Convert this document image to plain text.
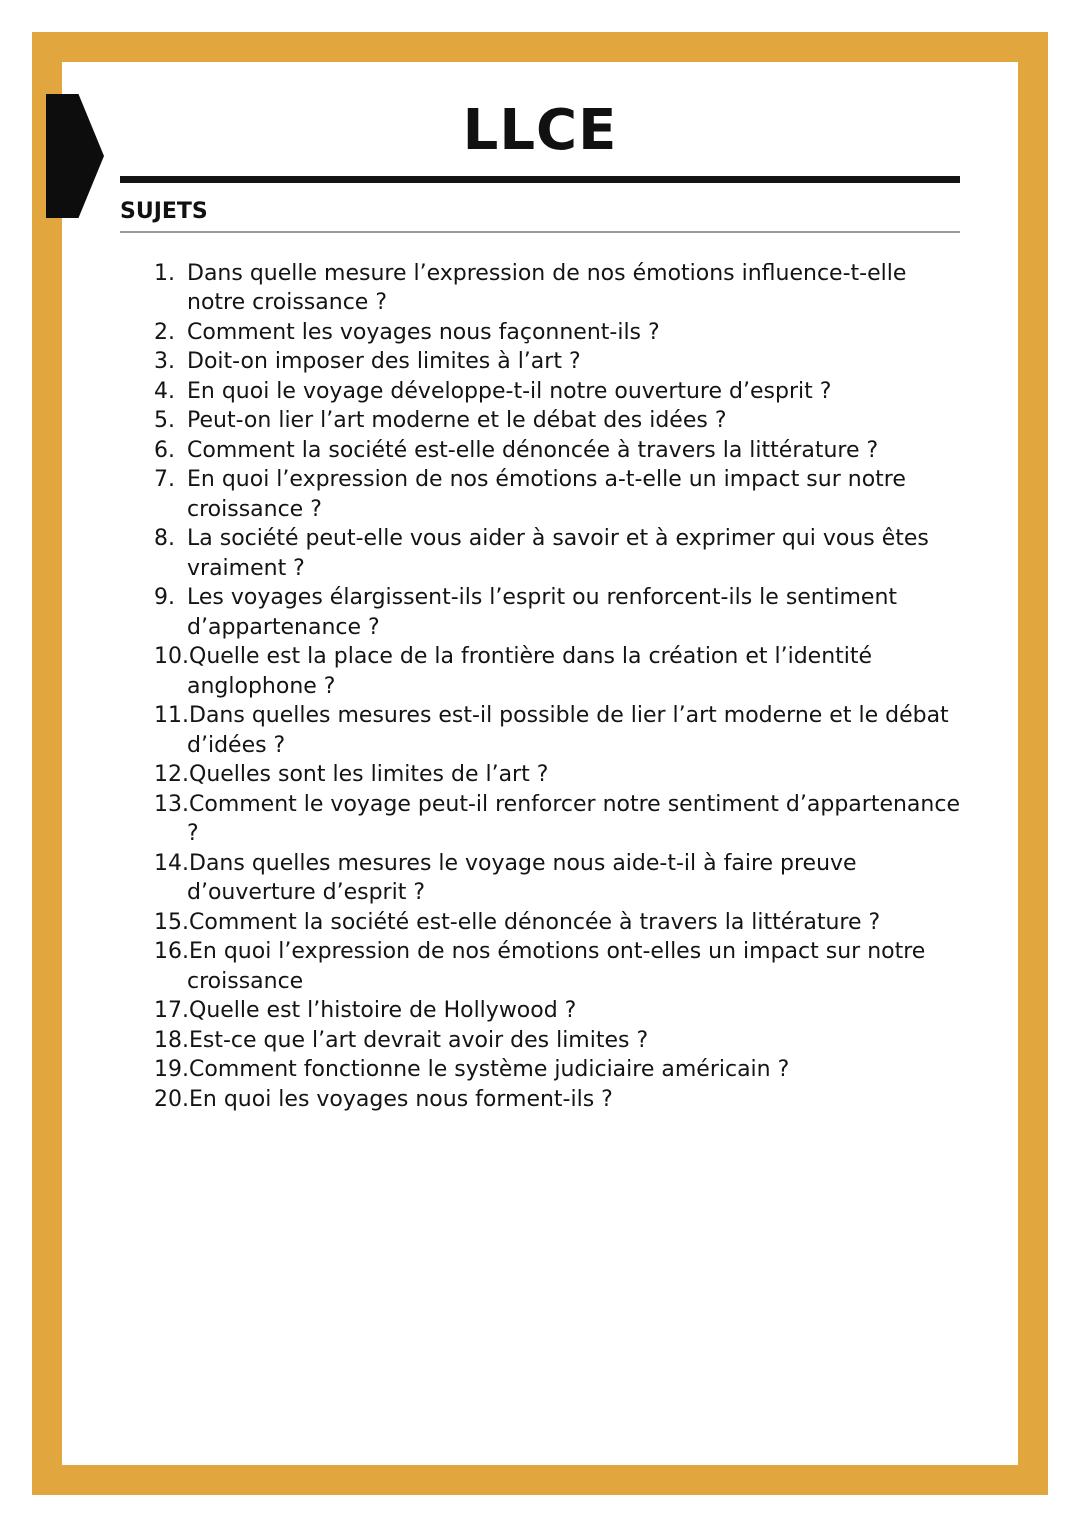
LLCE
SUJETS
1. Dans quelle mesure l’expression de nos émotions influence-t-elle notre croissance ?
2. Comment les voyages nous façonnent-ils ?
3. Doit-on imposer des limites à l’art ?
4. En quoi le voyage développe-t-il notre ouverture d’esprit ?
5. Peut-on lier l’art moderne et le débat des idées ?
6. Comment la société est-elle dénoncée à travers la littérature ?
7. En quoi l’expression de nos émotions a-t-elle un impact sur notre croissance ?
8. La société peut-elle vous aider à savoir et à exprimer qui vous êtes vraiment ?
9. Les voyages élargissent-ils l’esprit ou renforcent-ils le sentiment d’appartenance ?
10.Quelle est la place de la frontière dans la création et l’identité anglophone ?
11.Dans quelles mesures est-il possible de lier l’art moderne et le débat d’idées ?
12.Quelles sont les limites de l’art ?
13.Comment le voyage peut-il renforcer notre sentiment d’appartenance ?
14.Dans quelles mesures le voyage nous aide-t-il à faire preuve d’ouverture d’esprit ?
15.Comment la société est-elle dénoncée à travers la littérature ?
16.En quoi l’expression de nos émotions ont-elles un impact sur notre croissance
17.Quelle est l’histoire de Hollywood ?
18.Est-ce que l’art devrait avoir des limites ?
19.Comment fonctionne le système judiciaire américain ?
20.En quoi les voyages nous forment-ils ?
